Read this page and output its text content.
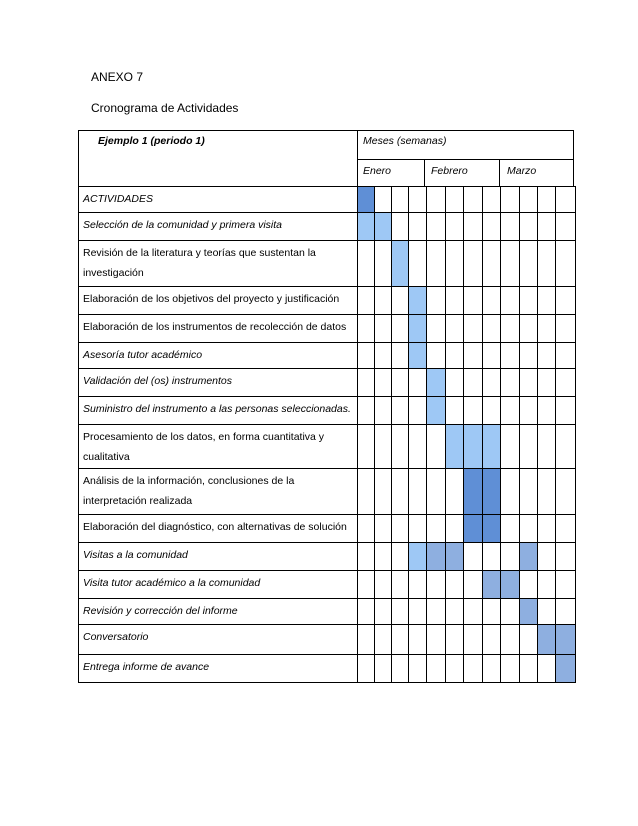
ANEXO 7
Cronograma de Actividades
Ejemplo 1 (periodo 1)	Meses (semanas)
Enero	Febrero	Marzo
ACTIVIDADES												
Selección de la comunidad y primera visita												
Revisión de la literatura y teorías que sustentan la investigación												
Elaboración de los objetivos del proyecto y justificación												
Elaboración de los instrumentos de recolección de datos												
Asesoría tutor académico												
Validación del (os) instrumentos												
Suministro del instrumento a las personas seleccionadas.												
Procesamiento de los datos, en forma cuantitativa y cualitativa												
Análisis de la información, conclusiones de la interpretación realizada												
Elaboración del diagnóstico, con alternativas de solución												
Visitas a la comunidad												
Visita tutor académico a la comunidad												
Revisión y corrección del informe												
Conversatorio												
Entrega informe de avance												
